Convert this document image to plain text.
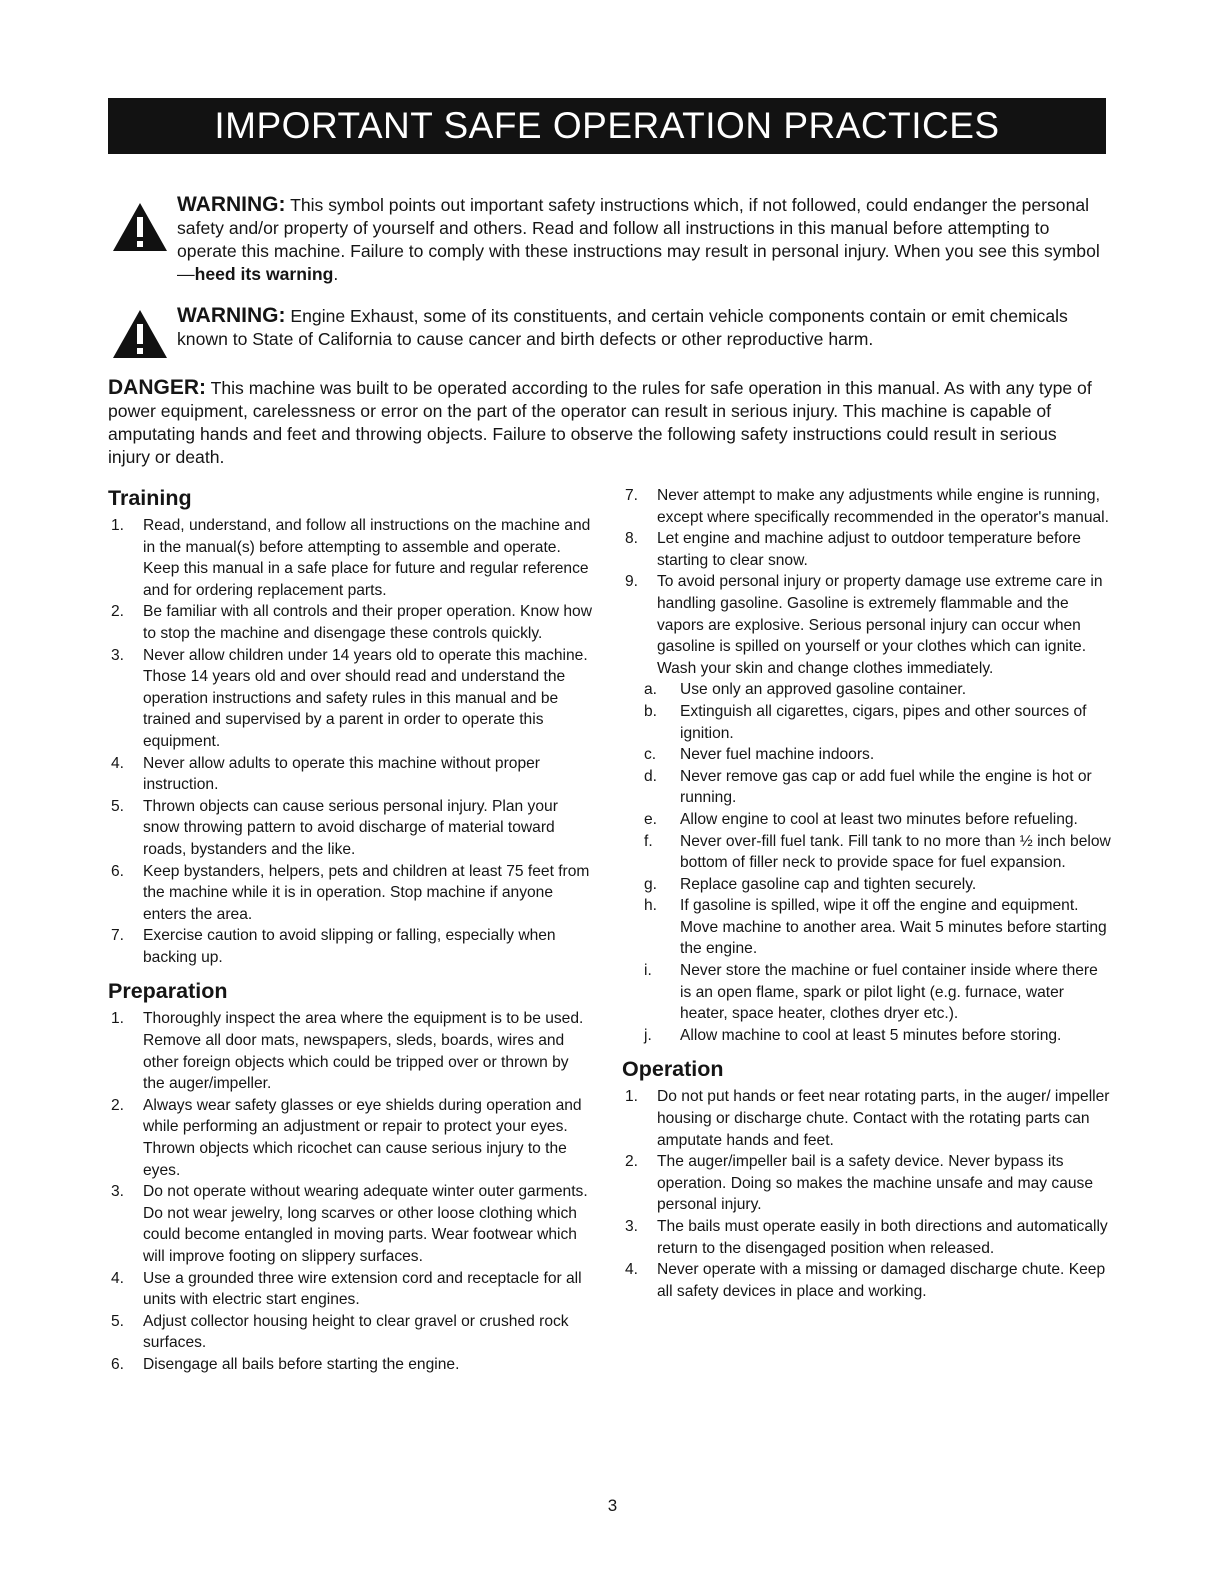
IMPORTANT SAFE OPERATION PRACTICES
WARNING: This symbol points out important safety instructions which, if not followed, could endanger the personal safety and/or property of yourself and others. Read and follow all instructions in this manual before attempting to operate this machine. Failure to comply with these instructions may result in personal injury. When you see this symbol—heed its warning.
WARNING: Engine Exhaust, some of its constituents, and certain vehicle components contain or emit chemicals known to State of California to cause cancer and birth defects or other reproductive harm.
DANGER: This machine was built to be operated according to the rules for safe operation in this manual. As with any type of power equipment, carelessness or error on the part of the operator can result in serious injury. This machine is capable of amputating hands and feet and throwing objects. Failure to observe the following safety instructions could result in serious injury or death.
Training
1. Read, understand, and follow all instructions on the machine and in the manual(s) before attempting to assemble and operate. Keep this manual in a safe place for future and regular reference and for ordering replacement parts.
2. Be familiar with all controls and their proper operation. Know how to stop the machine and disengage these controls quickly.
3. Never allow children under 14 years old to operate this machine. Those 14 years old and over should read and understand the operation instructions and safety rules in this manual and be trained and supervised by a parent in order to operate this equipment.
4. Never allow adults to operate this machine without proper instruction.
5. Thrown objects can cause serious personal injury. Plan your snow throwing pattern to avoid discharge of material toward roads, bystanders and the like.
6. Keep bystanders, helpers, pets and children at least 75 feet from the machine while it is in operation. Stop machine if anyone enters the area.
7. Exercise caution to avoid slipping or falling, especially when backing up.
Preparation
1. Thoroughly inspect the area where the equipment is to be used. Remove all door mats, newspapers, sleds, boards, wires and other foreign objects which could be tripped over or thrown by the auger/impeller.
2. Always wear safety glasses or eye shields during operation and while performing an adjustment or repair to protect your eyes. Thrown objects which ricochet can cause serious injury to the eyes.
3. Do not operate without wearing adequate winter outer garments. Do not wear jewelry, long scarves or other loose clothing which could become entangled in moving parts. Wear footwear which will improve footing on slippery surfaces.
4. Use a grounded three wire extension cord and receptacle for all units with electric start engines.
5. Adjust collector housing height to clear gravel or crushed rock surfaces.
6. Disengage all bails before starting the engine.
7. Never attempt to make any adjustments while engine is running, except where specifically recommended in the operator's manual.
8. Let engine and machine adjust to outdoor temperature before starting to clear snow.
9. To avoid personal injury or property damage use extreme care in handling gasoline. Gasoline is extremely flammable and the vapors are explosive. Serious personal injury can occur when gasoline is spilled on yourself or your clothes which can ignite. Wash your skin and change clothes immediately.
a. Use only an approved gasoline container.
b. Extinguish all cigarettes, cigars, pipes and other sources of ignition.
c. Never fuel machine indoors.
d. Never remove gas cap or add fuel while the engine is hot or running.
e. Allow engine to cool at least two minutes before refueling.
f. Never over-fill fuel tank. Fill tank to no more than ½ inch below bottom of filler neck to provide space for fuel expansion.
g. Replace gasoline cap and tighten securely.
h. If gasoline is spilled, wipe it off the engine and equipment. Move machine to another area. Wait 5 minutes before starting the engine.
i. Never store the machine or fuel container inside where there is an open flame, spark or pilot light (e.g. furnace, water heater, space heater, clothes dryer etc.).
j. Allow machine to cool at least 5 minutes before storing.
Operation
1. Do not put hands or feet near rotating parts, in the auger/ impeller housing or discharge chute. Contact with the rotating parts can amputate hands and feet.
2. The auger/impeller bail is a safety device. Never bypass its operation. Doing so makes the machine unsafe and may cause personal injury.
3. The bails must operate easily in both directions and automatically return to the disengaged position when released.
4. Never operate with a missing or damaged discharge chute. Keep all safety devices in place and working.
3
